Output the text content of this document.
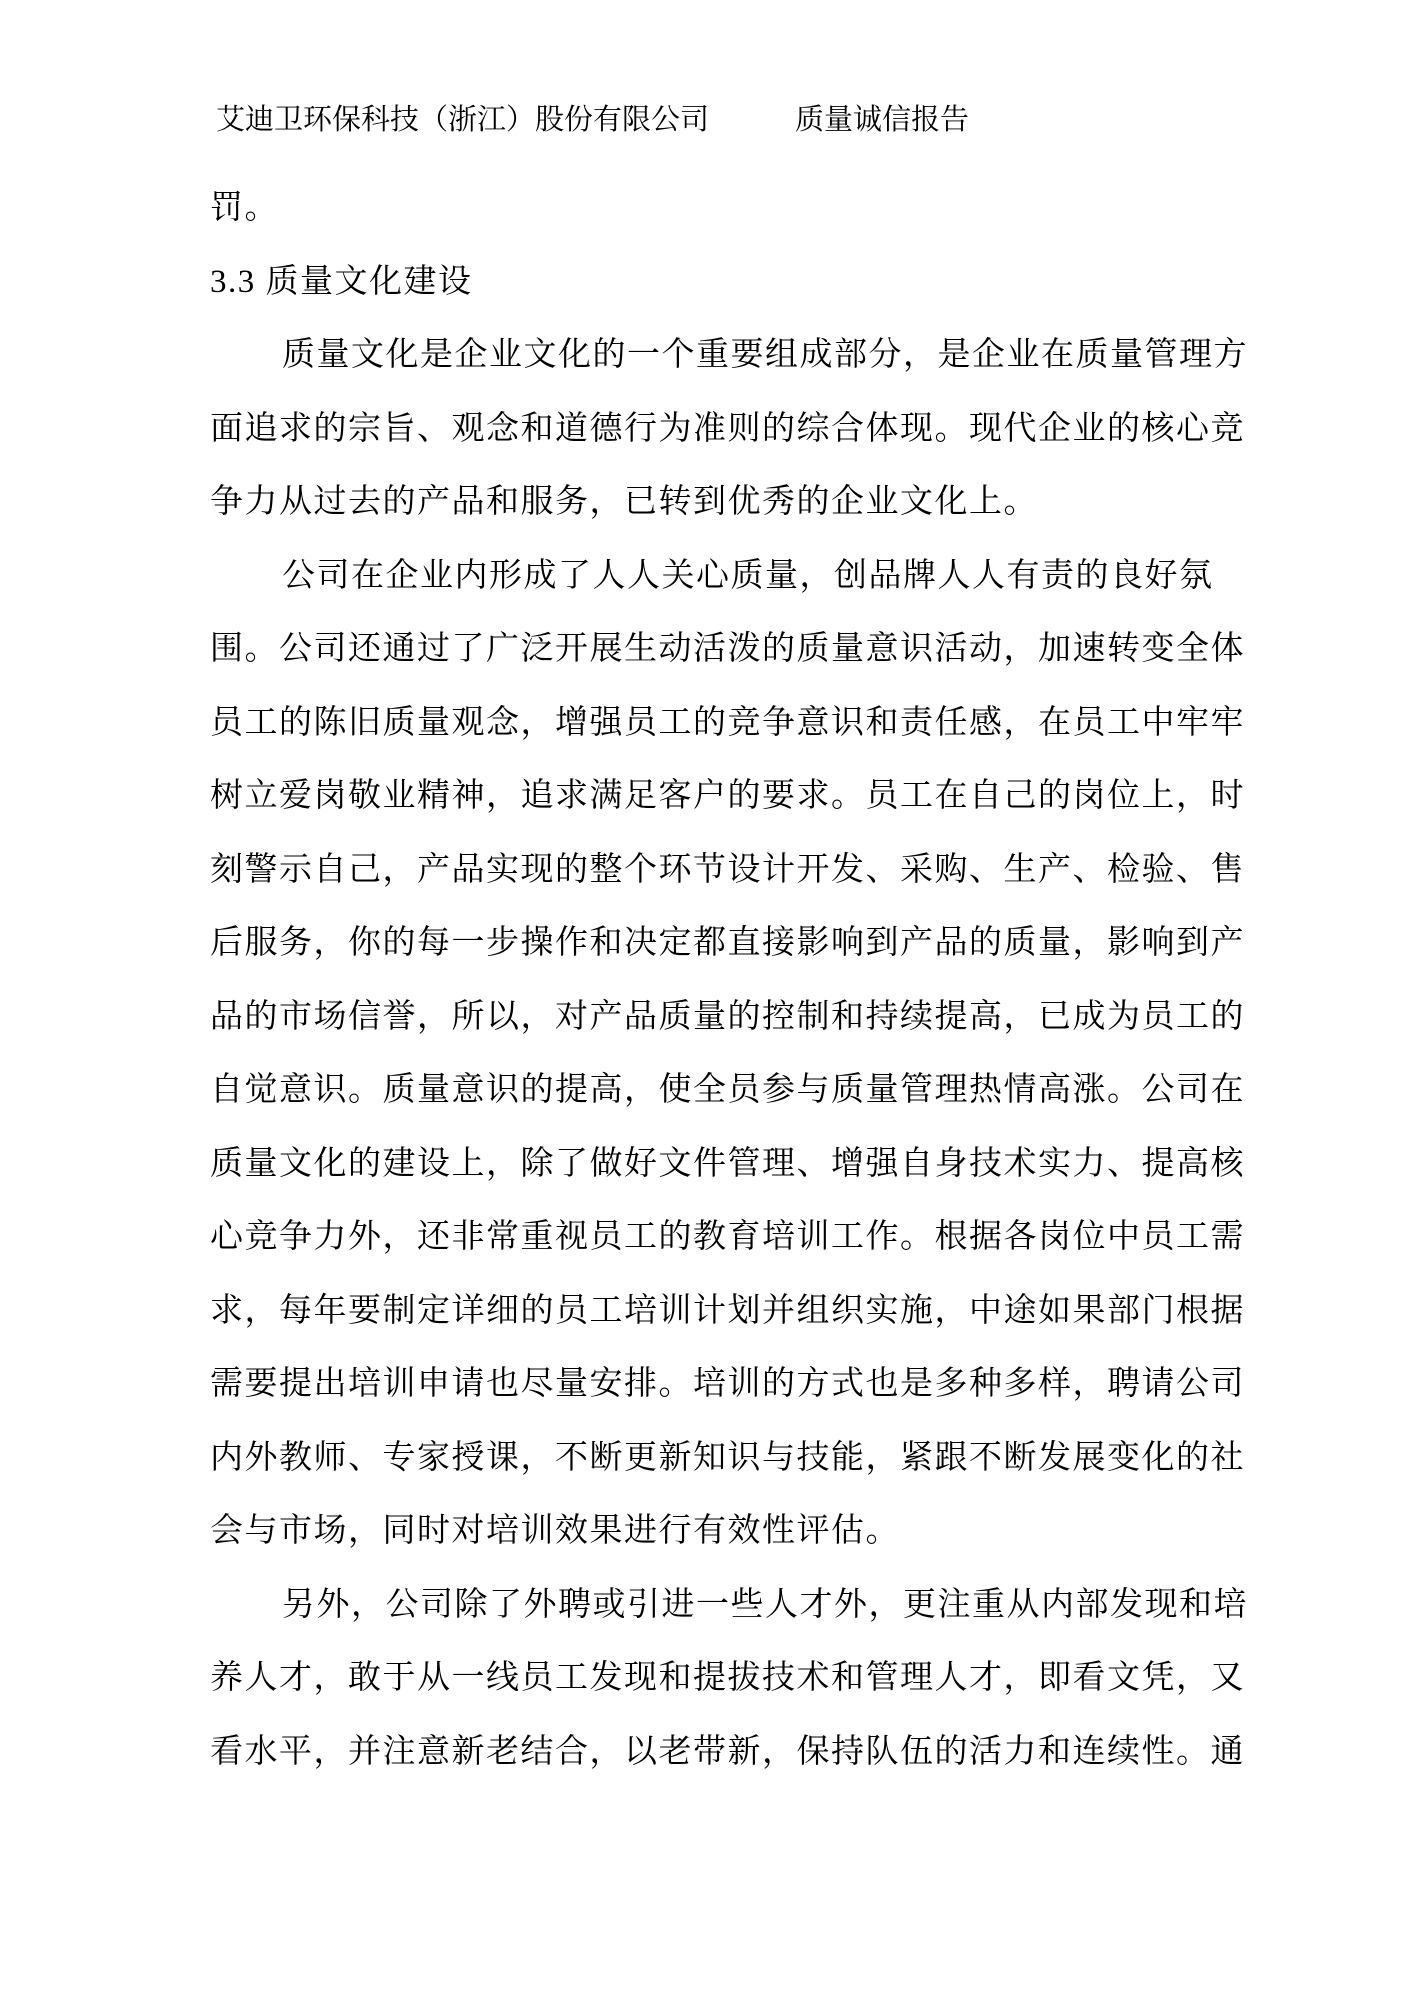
艾迪卫环保科技（浙江）股份有限公司	质量诚信报告
罚。
3.3 质量文化建设
质量文化是企业文化的一个重要组成部分，是企业在质量管理方
面追求的宗旨、观念和道德行为准则的综合体现。现代企业的核心竞
争力从过去的产品和服务，已转到优秀的企业文化上。
公司在企业内形成了人人关心质量，创品牌人人有责的良好氛
围。公司还通过了广泛开展生动活泼的质量意识活动，加速转变全体
员工的陈旧质量观念，增强员工的竞争意识和责任感，在员工中牢牢
树立爱岗敬业精神，追求满足客户的要求。员工在自己的岗位上，时
刻警示自己，产品实现的整个环节设计开发、采购、生产、检验、售
后服务，你的每一步操作和决定都直接影响到产品的质量，影响到产
品的市场信誉，所以，对产品质量的控制和持续提高，已成为员工的
自觉意识。质量意识的提高，使全员参与质量管理热情高涨。公司在
质量文化的建设上，除了做好文件管理、增强自身技术实力、提高核
心竞争力外，还非常重视员工的教育培训工作。根据各岗位中员工需
求，每年要制定详细的员工培训计划并组织实施，中途如果部门根据
需要提出培训申请也尽量安排。培训的方式也是多种多样，聘请公司
内外教师、专家授课，不断更新知识与技能，紧跟不断发展变化的社
会与市场，同时对培训效果进行有效性评估。
另外，公司除了外聘或引进一些人才外，更注重从内部发现和培
养人才，敢于从一线员工发现和提拔技术和管理人才，即看文凭，又
看水平，并注意新老结合，以老带新，保持队伍的活力和连续性。通
